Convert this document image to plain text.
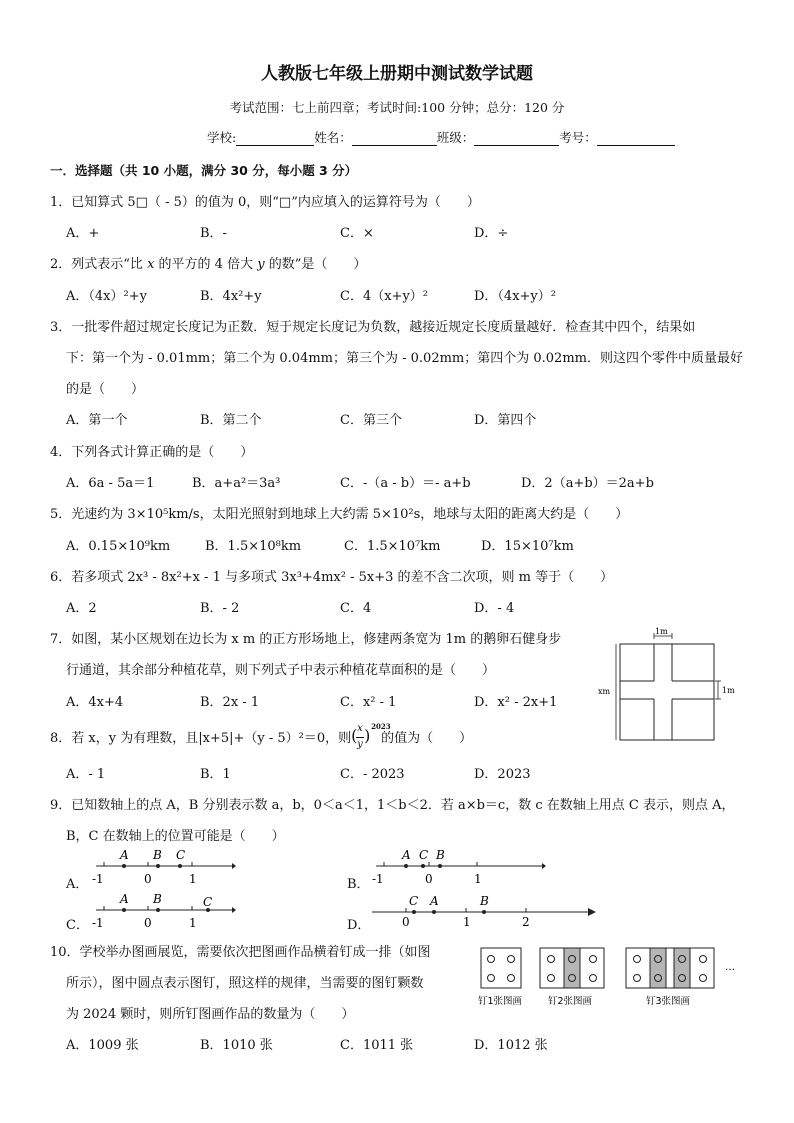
人教版七年级上册期中测试数学试题
考试范围：七上前四章；考试时间:100 分钟；总分：120 分
学校:	姓名：	班级：	考号：
一．选择题（共 10 小题，满分 30 分，每小题 3 分）
1．已知算式 5□（ - 5）的值为 0，则“□”内应填入的运算符号为（　　）
A．+	B．-	C．×	D．÷
2．列式表示“比 x 的平方的 4 倍大 y 的数”是（　　）
A．（4x）²+y	B．4x²+y	C．4（x+y）²	D．（4x+y）²
3．一批零件超过规定长度记为正数．短于规定长度记为负数，越接近规定长度质量越好．检查其中四个，结果如
下：第一个为 - 0.01mm；第二个为 0.04mm；第三个为 - 0.02mm；第四个为 0.02mm．则这四个零件中质量最好
的是（　　）
A．第一个	B．第二个	C．第三个	D．第四个
4．下列各式计算正确的是（　　）
A．6a - 5a＝1	B．a+a²＝3a³	C．-（a - b）＝- a+b	D．2（a+b）＝2a+b
5．光速约为 3×10⁵km/s，太阳光照射到地球上大约需 5×10²s，地球与太阳的距离大约是（　　）
A．0.15×10⁹km	B．1.5×10⁸km	C．1.5×10⁷km	D．15×10⁷km
6．若多项式 2x³ - 8x²+x - 1 与多项式 3x³+4mx² - 5x+3 的差不含二次项，则 m 等于（　　）
A．2	B．- 2	C．4	D．- 4
7．如图，某小区规划在边长为 x m 的正方形场地上，修建两条宽为 1m 的鹅卵石健身步
行通道，其余部分种植花草，则下列式子中表示种植花草面积的是（　　）
A．4x+4	B．2x - 1	C．x² - 1	D．x² - 2x+1
1m
1m
xm
8．若 x，y 为有理数，且|x+5|+（y - 5）²＝0，则 ( x
y ) 2023
的值为（　　）
A．- 1	B．1	C．- 2023	D．2023
9．已知数轴上的点 A，B 分别表示数 a，b，0＜a＜1，1＜b＜2．若 a×b＝c，数 c 在数轴上用点 C 表示，则点 A，
B，C 在数轴上的位置可能是（　　）
A． -1	0	1
A B C
B． -1	0	1
A C B
C． -1	0	1
A B	C
D．	0	1	2
C A	B
10．学校举办图画展览，需要依次把图画作品横着钉成一排（如图
所示），图中圆点表示图钉，照这样的规律，当需要的图钉颗数
为 2024 颗时，则所钉图画作品的数量为（　　）
A．1009 张	B．1010 张	C．1011 张	D．1012 张
…
钉1张图画	钉2张图画	钉3张图画
